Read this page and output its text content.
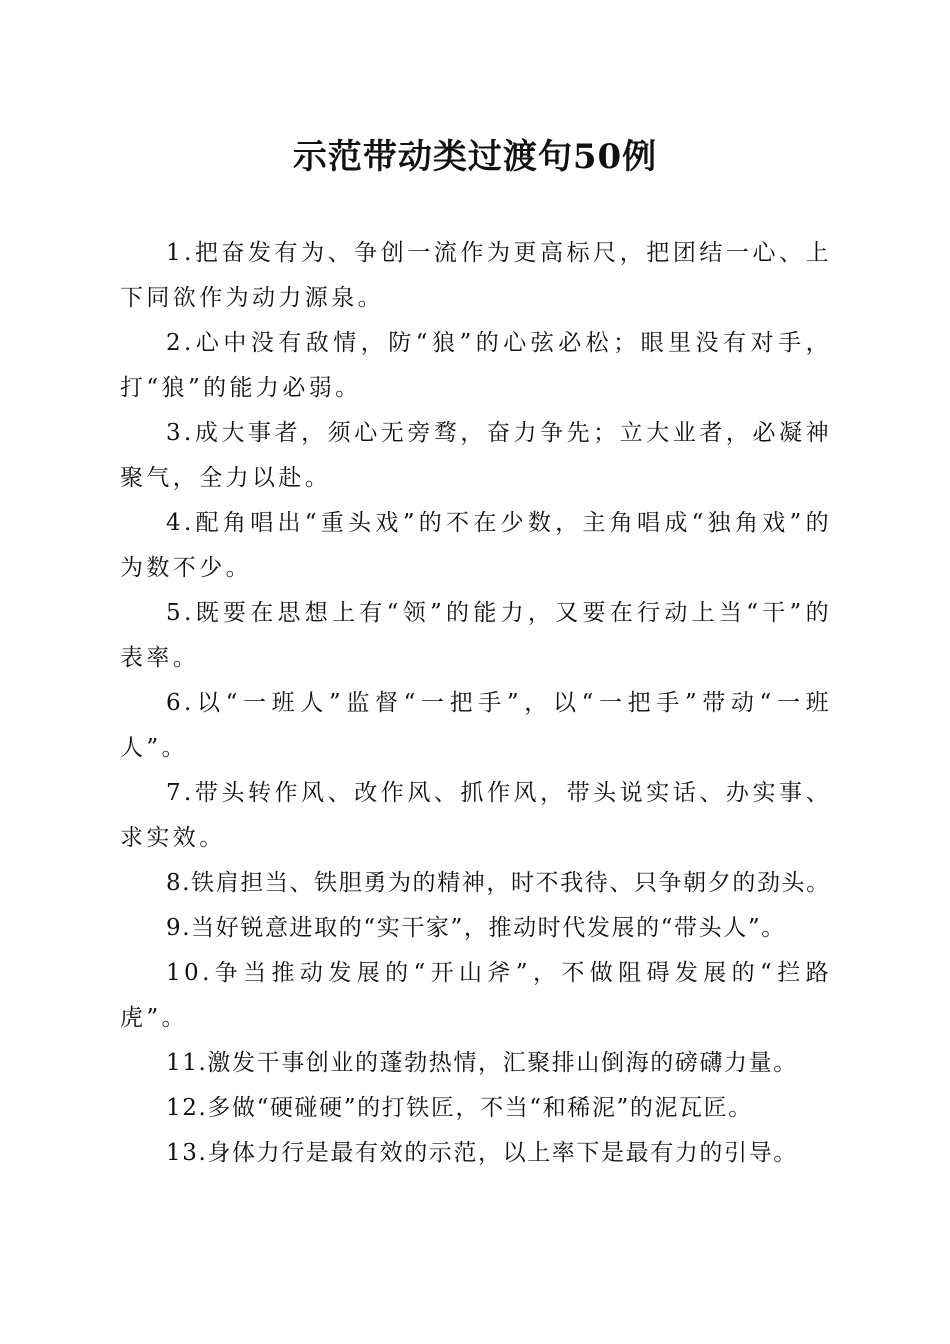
示范带动类过渡句50例

1.把奋发有为、争创一流作为更高标尺，把团结一心、上下同欲作为动力源泉。

2.心中没有敌情，防“狼”的心弦必松；眼里没有对手，打“狼”的能力必弱。

3.成大事者，须心无旁骛，奋力争先；立大业者，必凝神聚气，全力以赴。

4.配角唱出“重头戏”的不在少数，主角唱成“独角戏”的为数不少。

5.既要在思想上有“领”的能力，又要在行动上当“干”的表率。

6.以“一班人”监督“一把手”，以“一把手”带动“一班人”。

7.带头转作风、改作风、抓作风，带头说实话、办实事、求实效。

8.铁肩担当、铁胆勇为的精神，时不我待、只争朝夕的劲头。

9.当好锐意进取的“实干家”，推动时代发展的“带头人”。

10.争当推动发展的“开山斧”，不做阻碍发展的“拦路虎”。

11.激发干事创业的蓬勃热情，汇聚排山倒海的磅礴力量。

12.多做“硬碰硬”的打铁匠，不当“和稀泥”的泥瓦匠。

13.身体力行是最有效的示范，以上率下是最有力的引导。
